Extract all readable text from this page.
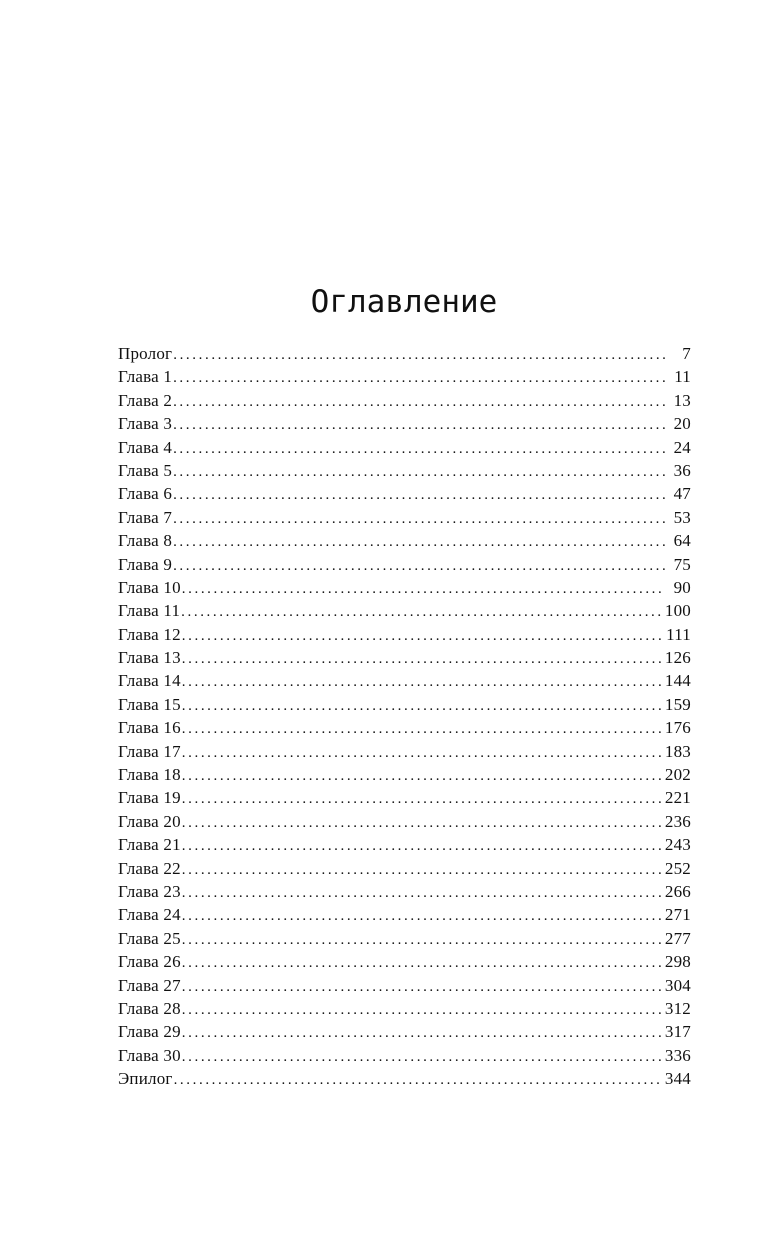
Оглавление
Пролог .....	7
Глава 1 .....	11
Глава 2 .....	13
Глава 3 .....	20
Глава 4 .....	24
Глава 5 .....	36
Глава 6 .....	47
Глава 7 .....	53
Глава 8 .....	64
Глава 9 .....	75
Глава 10 .....	90
Глава 11 .....	100
Глава 12 .....	111
Глава 13 .....	126
Глава 14 .....	144
Глава 15 .....	159
Глава 16 .....	176
Глава 17 .....	183
Глава 18 .....	202
Глава 19 .....	221
Глава 20 .....	236
Глава 21 .....	243
Глава 22 .....	252
Глава 23 .....	266
Глава 24 .....	271
Глава 25 .....	277
Глава 26 .....	298
Глава 27 .....	304
Глава 28 .....	312
Глава 29 .....	317
Глава 30 .....	336
Эпилог .....	344
